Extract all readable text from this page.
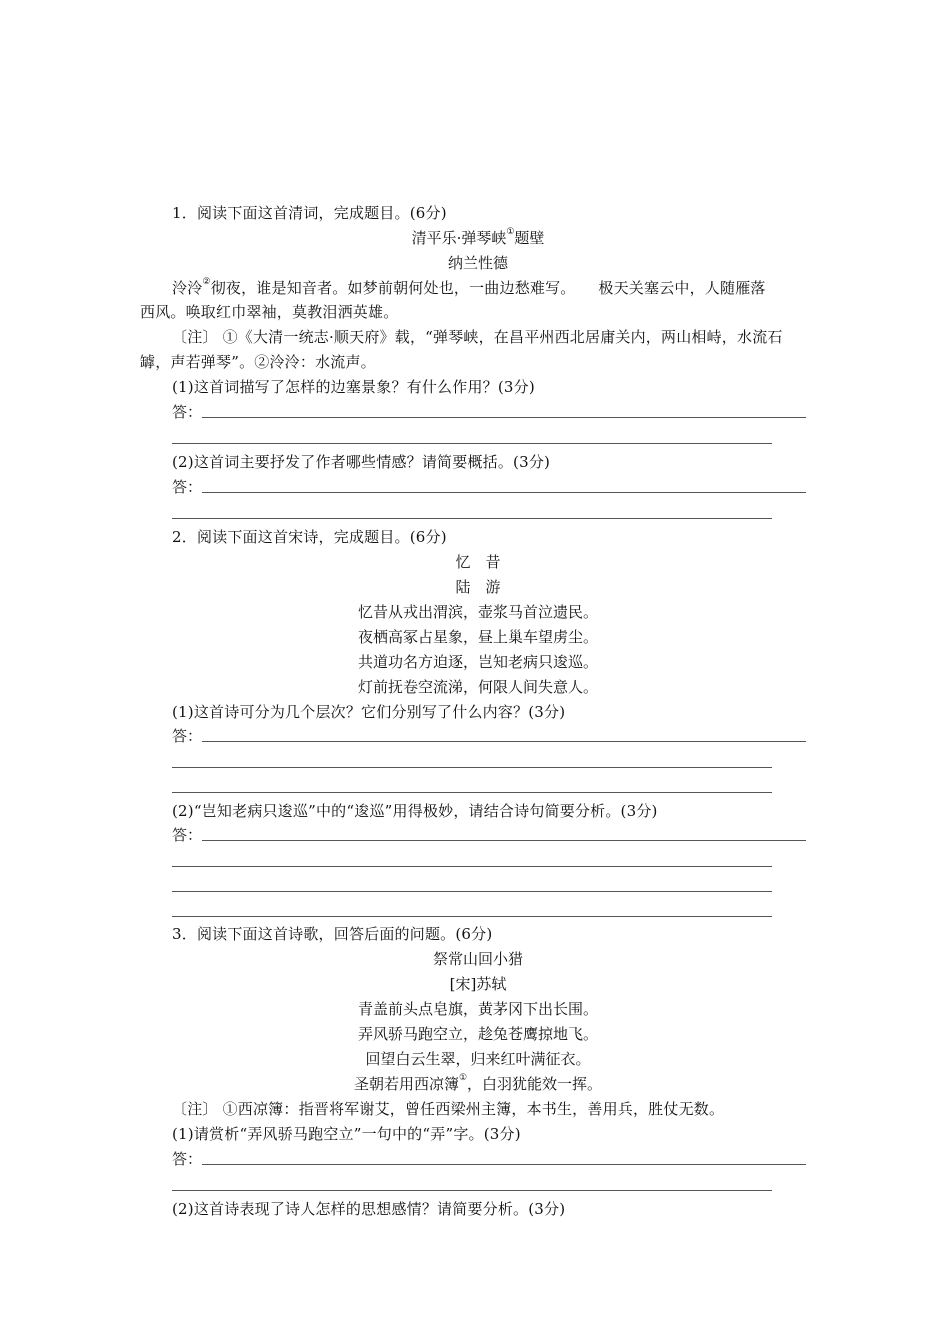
1．阅读下面这首清词，完成题目。(6分)
清平乐·弹琴峡①题壁
纳兰性德
泠泠②彻夜，谁是知音者。如梦前朝何处也，一曲边愁难写。　　极天关塞云中，人随雁落
西风。唤取红巾翠袖，莫教泪洒英雄。
〔注〕 ①《大清一统志·顺天府》载，“弹琴峡，在昌平州西北居庸关内，两山相峙，水流石
罅，声若弹琴”。②泠泠：水流声。
(1)这首词描写了怎样的边塞景象？有什么作用？(3分)
答：
(2)这首词主要抒发了作者哪些情感？请简要概括。(3分)
答：
2．阅读下面这首宋诗，完成题目。(6分)
忆　昔
陆　游
忆昔从戎出渭滨，壶浆马首泣遗民。
夜栖高冢占星象，昼上巢车望虏尘。
共道功名方迫逐，岂知老病只逡巡。
灯前抚卷空流涕，何限人间失意人。
(1)这首诗可分为几个层次？它们分别写了什么内容？(3分)
答：
(2)“岂知老病只逡巡”中的“逡巡”用得极妙，请结合诗句简要分析。(3分)
答：
3．阅读下面这首诗歌，回答后面的问题。(6分)
祭常山回小猎
[宋]苏轼
青盖前头点皂旗，黄茅冈下出长围。
弄风骄马跑空立，趁兔苍鹰掠地飞。
回望白云生翠，归来红叶满征衣。
圣朝若用西凉簿①，白羽犹能效一挥。
〔注〕 ①西凉簿：指晋将军谢艾，曾任西梁州主簿，本书生，善用兵，胜仗无数。
(1)请赏析“弄风骄马跑空立”一句中的“弄”字。(3分)
答：
(2)这首诗表现了诗人怎样的思想感情？请简要分析。(3分)
